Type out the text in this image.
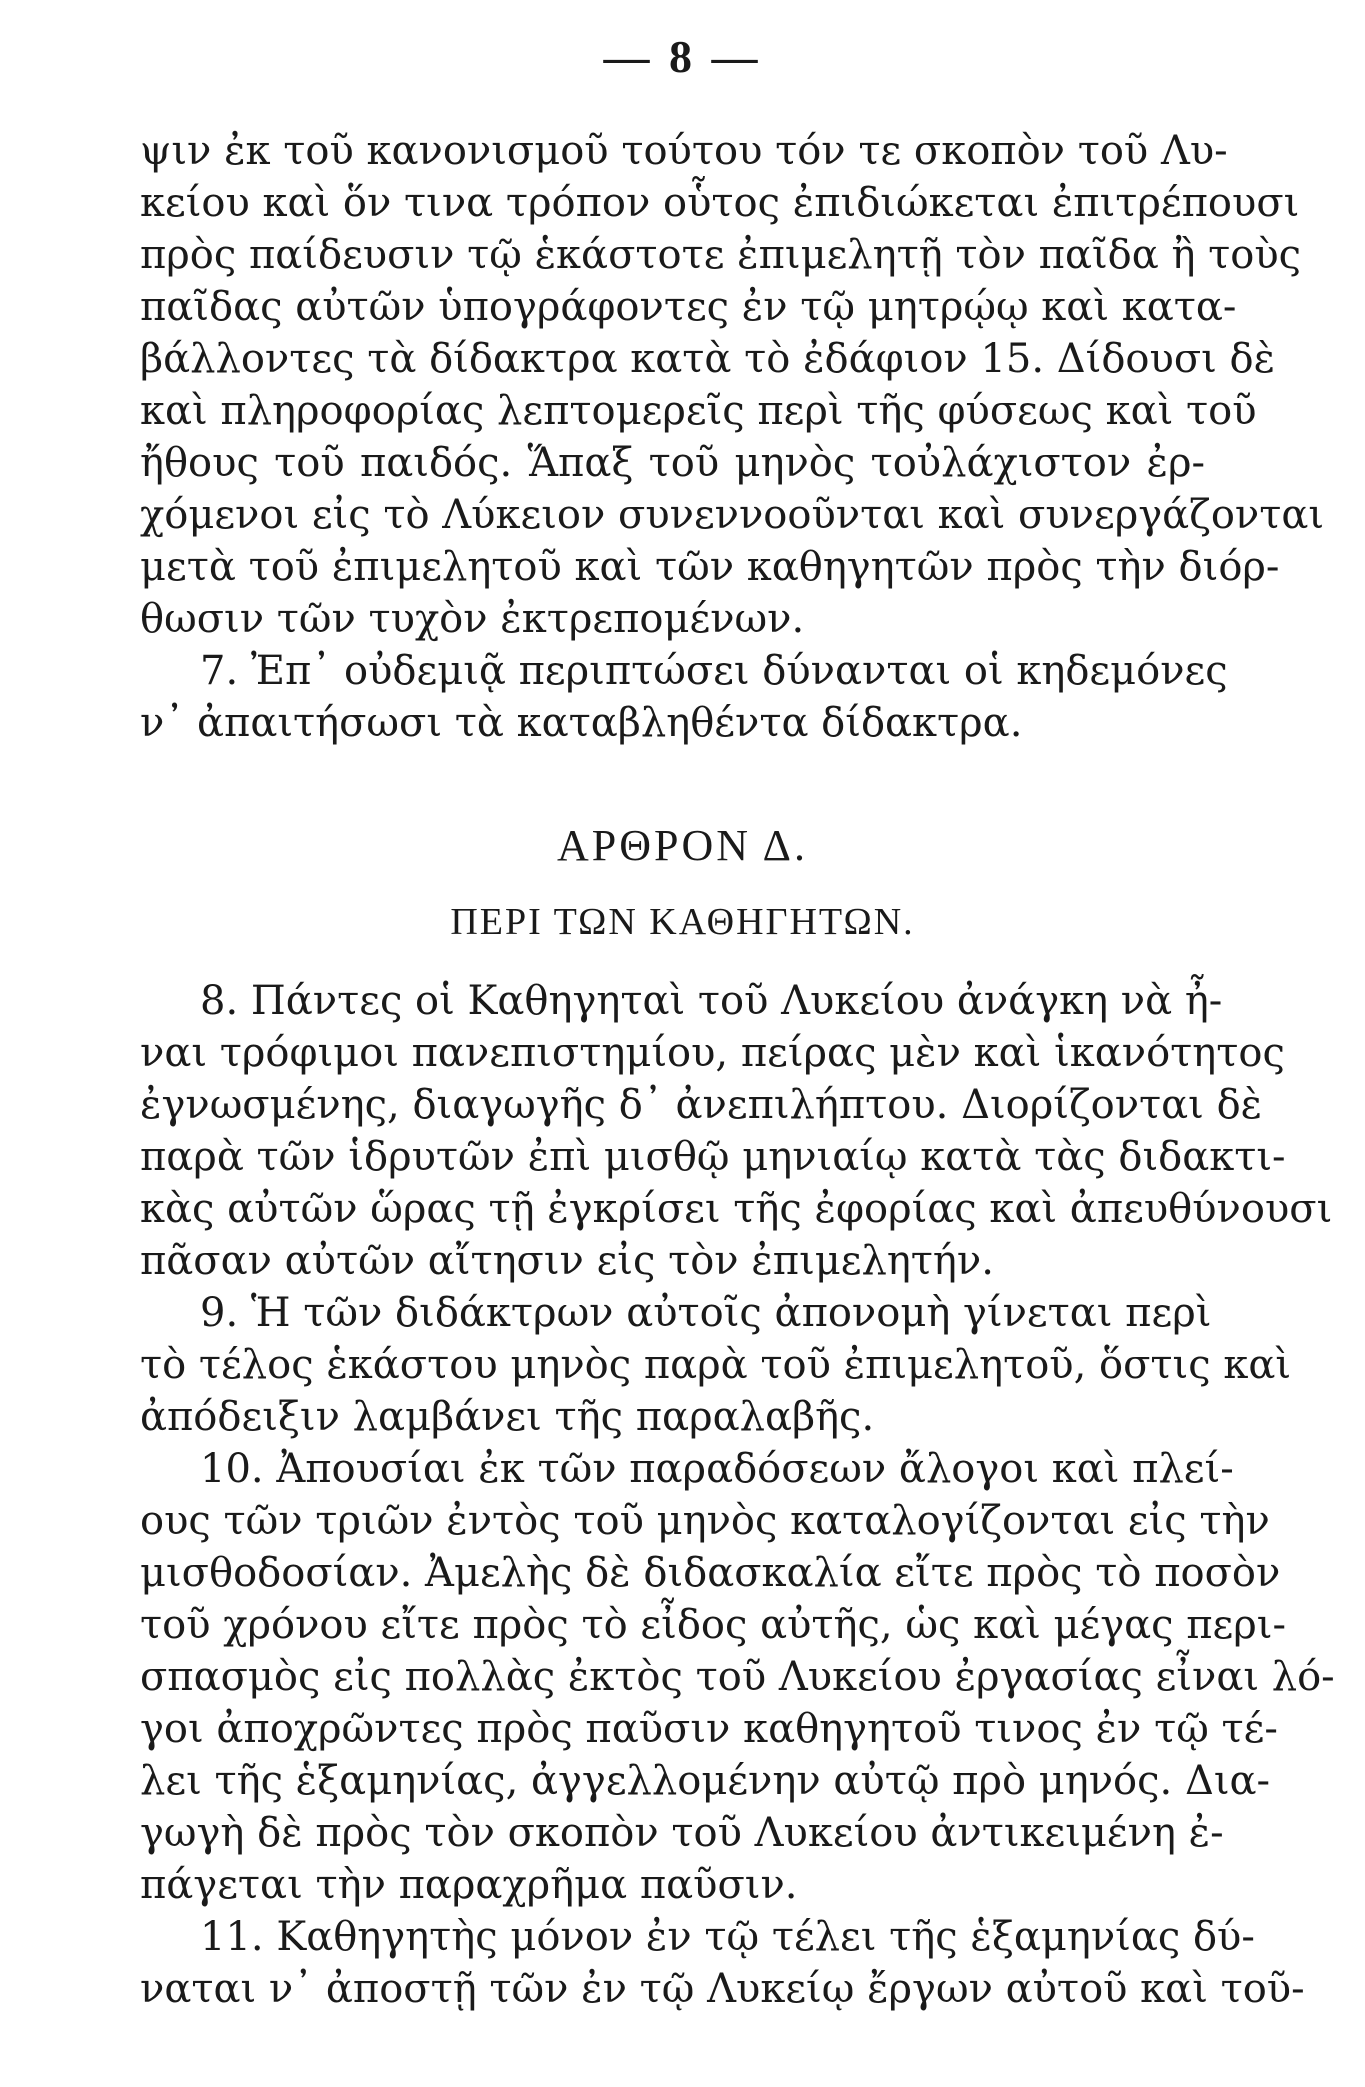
— 8 —
ψιν ἐκ τοῦ κανονισμοῦ τούτου τόν τε σκοπὸν τοῦ Λυ-
κείου καὶ ὅν τινα τρόπον οὗτος ἐπιδιώκεται ἐπιτρέπουσι
πρὸς παίδευσιν τῷ ἑκάστοτε ἐπιμελητῇ τὸν παῖδα ἢ τοὺς
παῖδας αὐτῶν ὑπογράφοντες ἐν τῷ μητρῴῳ καὶ κατα-
βάλλοντες τὰ δίδακτρα κατὰ τὸ ἐδάφιον 15. Δίδουσι δὲ
καὶ πληροφορίας λεπτομερεῖς περὶ τῆς φύσεως καὶ τοῦ
ἤθους τοῦ παιδός. Ἅπαξ τοῦ μηνὸς τοὐλάχιστον ἐρ-
χόμενοι εἰς τὸ Λύκειον συνεννοοῦνται καὶ συνεργάζονται
μετὰ τοῦ ἐπιμελητοῦ καὶ τῶν καθηγητῶν πρὸς τὴν διόρ-
θωσιν τῶν τυχὸν ἐκτρεπομένων.
7. Ἐπ᾽ οὐδεμιᾷ περιπτώσει δύνανται οἱ κηδεμόνες
ν᾽ ἀπαιτήσωσι τὰ καταβληθέντα δίδακτρα.
ΑΡΘΡΟΝ Δ.
ΠΕΡΙ ΤΩΝ ΚΑΘΗΓΗΤΩΝ.
8. Πάντες οἱ Καθηγηταὶ τοῦ Λυκείου ἀνάγκη νὰ ἦ-
ναι τρόφιμοι πανεπιστημίου, πείρας μὲν καὶ ἱκανότητος
ἐγνωσμένης, διαγωγῆς δ᾽ ἀνεπιλήπτου. Διορίζονται δὲ
παρὰ τῶν ἱδρυτῶν ἐπὶ μισθῷ μηνιαίῳ κατὰ τὰς διδακτι-
κὰς αὐτῶν ὥρας τῇ ἐγκρίσει τῆς ἐφορίας καὶ ἀπευθύνουσι
πᾶσαν αὐτῶν αἴτησιν εἰς τὸν ἐπιμελητήν.
9. Ἡ τῶν διδάκτρων αὐτοῖς ἀπονομὴ γίνεται περὶ
τὸ τέλος ἑκάστου μηνὸς παρὰ τοῦ ἐπιμελητοῦ, ὅστις καὶ
ἀπόδειξιν λαμβάνει τῆς παραλαβῆς.
10. Ἀπουσίαι ἐκ τῶν παραδόσεων ἄλογοι καὶ πλεί-
ους τῶν τριῶν ἐντὸς τοῦ μηνὸς καταλογίζονται εἰς τὴν
μισθοδοσίαν. Ἀμελὴς δὲ διδασκαλία εἴτε πρὸς τὸ ποσὸν
τοῦ χρόνου εἴτε πρὸς τὸ εἶδος αὐτῆς, ὡς καὶ μέγας περι-
σπασμὸς εἰς πολλὰς ἐκτὸς τοῦ Λυκείου ἐργασίας εἶναι λό-
γοι ἀποχρῶντες πρὸς παῦσιν καθηγητοῦ τινος ἐν τῷ τέ-
λει τῆς ἑξαμηνίας, ἀγγελλομένην αὐτῷ πρὸ μηνός. Δια-
γωγὴ δὲ πρὸς τὸν σκοπὸν τοῦ Λυκείου ἀντικειμένη ἐ-
πάγεται τὴν παραχρῆμα παῦσιν.
11. Καθηγητὴς μόνον ἐν τῷ τέλει τῆς ἑξαμηνίας δύ-
ναται ν᾽ ἀποστῇ τῶν ἐν τῷ Λυκείῳ ἔργων αὐτοῦ καὶ τοῦ-
